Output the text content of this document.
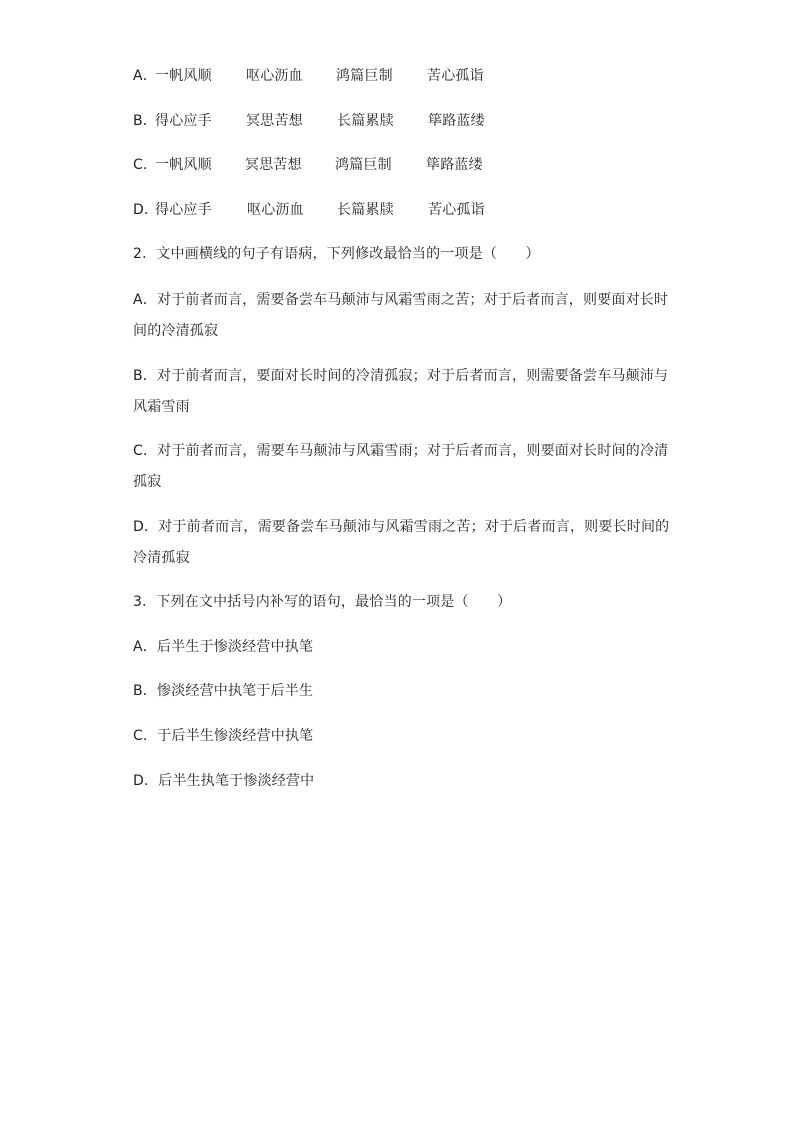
A．
一帆风顺 呕心沥血 鸿篇巨制 苦心孤诣
B．
得心应手 冥思苦想 长篇累牍 筚路蓝缕
C．
一帆风顺 冥思苦想 鸿篇巨制 筚路蓝缕
D．
得心应手	呕心沥血 长篇累牍 苦心孤诣
2．文中画横线的句子有语病，下列修改最恰当的一项是（　　）
A．对于前者而言，需要备尝车马颠沛与风霜雪雨之苦；对于后者而言，则要面对长时
间的冷清孤寂
B．对于前者而言，要面对长时间的冷清孤寂；对于后者而言，则需要备尝车马颠沛与
风霜雪雨
C．对于前者而言，需要车马颠沛与风霜雪雨；对于后者而言，则要面对长时间的冷清
孤寂
D．对于前者而言，需要备尝车马颠沛与风霜雪雨之苦；对于后者而言，则要长时间的
冷清孤寂
3．下列在文中括号内补写的语句，最恰当的一项是（　　）
A．后半生于惨淡经营中执笔
B．惨淡经营中执笔于后半生
C．于后半生惨淡经营中执笔
D．后半生执笔于惨淡经营中
